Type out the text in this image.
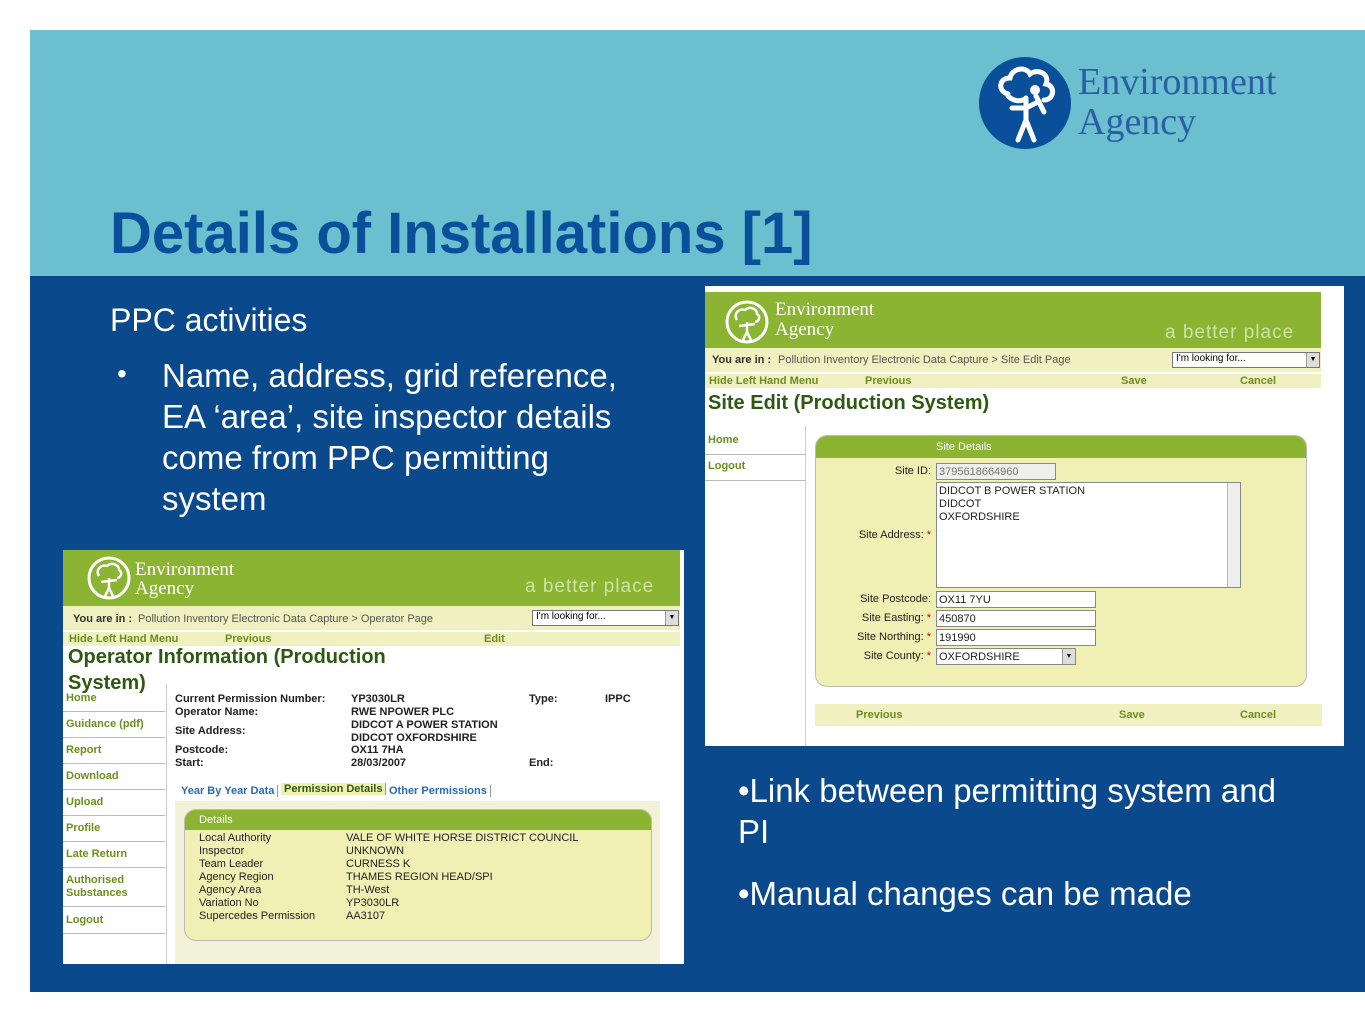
Environment
Agency
Details of Installations [1]
PPC activities
• Name, address, grid reference, EA ‘area’, site inspector details come from PPC permitting system
•Link between permitting system and PI
•Manual changes can be made
Environment
Agency	a better place
You are in : Pollution Inventory Electronic Data Capture > Site Edit Page	I'm looking for...	▼
Hide Left Hand Menu	Previous	Save	Cancel
Site Edit (Production System)
Home
Logout
Site Details
Site ID: 3795618664960
Site Address: *
DIDCOT B POWER STATION
DIDCOT
OXFORDSHIRE
Site Postcode: OX11 7YU
Site Easting: * 450870
Site Northing: * 191990
Site County: * OXFORDSHIRE	▼
Previous	Save	Cancel
Environment
Agency	a better place
You are in : Pollution Inventory Electronic Data Capture > Operator Page	I'm looking for...	▼
Hide Left Hand Menu	Previous	Edit
Operator Information (Production
System)
Home
Guidance (pdf)
Report
Download
Upload
Profile
Late Return
Authorised Substances
Logout
Current Permission Number: YP3030LR	Type:	IPPC
Operator Name:	RWE NPOWER PLC
Site Address:	DIDCOT A POWER STATION
DIDCOT OXFORDSHIRE
Postcode:	OX11 7HA
Start:	28/03/2007	End:
Year By Year Data Permission Details Other Permissions
Details
Local Authority	VALE OF WHITE HORSE DISTRICT COUNCIL
Inspector	UNKNOWN
Team Leader	CURNESS K
Agency Region	THAMES REGION HEAD/SPI
Agency Area	TH-West
Variation No	YP3030LR
Supercedes Permission	AA3107
